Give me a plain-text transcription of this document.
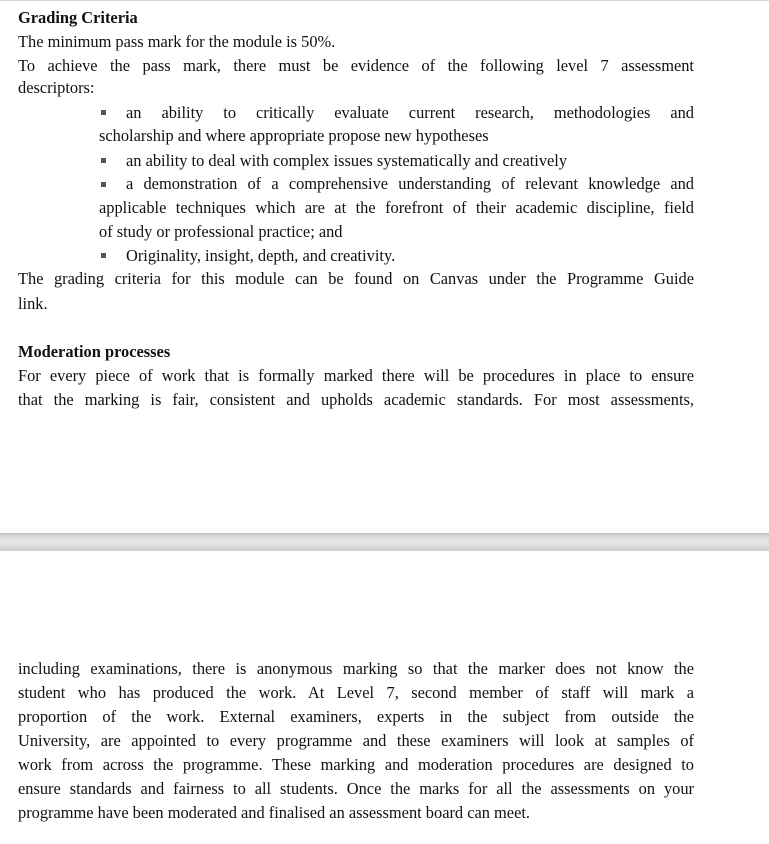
Grading Criteria
The minimum pass mark for the module is 50%.
To achieve the pass mark, there must be evidence of the following level 7 assessment
descriptors:
an ability to critically evaluate current research, methodologies and
scholarship and where appropriate propose new hypotheses
an ability to deal with complex issues systematically and creatively
a demonstration of a comprehensive understanding of relevant knowledge and
applicable techniques which are at the forefront of their academic discipline, field
of study or professional practice; and
Originality, insight, depth, and creativity.
The grading criteria for this module can be found on Canvas under the Programme Guide
link.
Moderation processes
For every piece of work that is formally marked there will be procedures in place to ensure
that the marking is fair, consistent and upholds academic standards. For most assessments,
including examinations, there is anonymous marking so that the marker does not know the
student who has produced the work. At Level 7, second member of staff will mark a
proportion of the work. External examiners, experts in the subject from outside the
University, are appointed to every programme and these examiners will look at samples of
work from across the programme. These marking and moderation procedures are designed to
ensure standards and fairness to all students. Once the marks for all the assessments on your
programme have been moderated and finalised an assessment board can meet.
